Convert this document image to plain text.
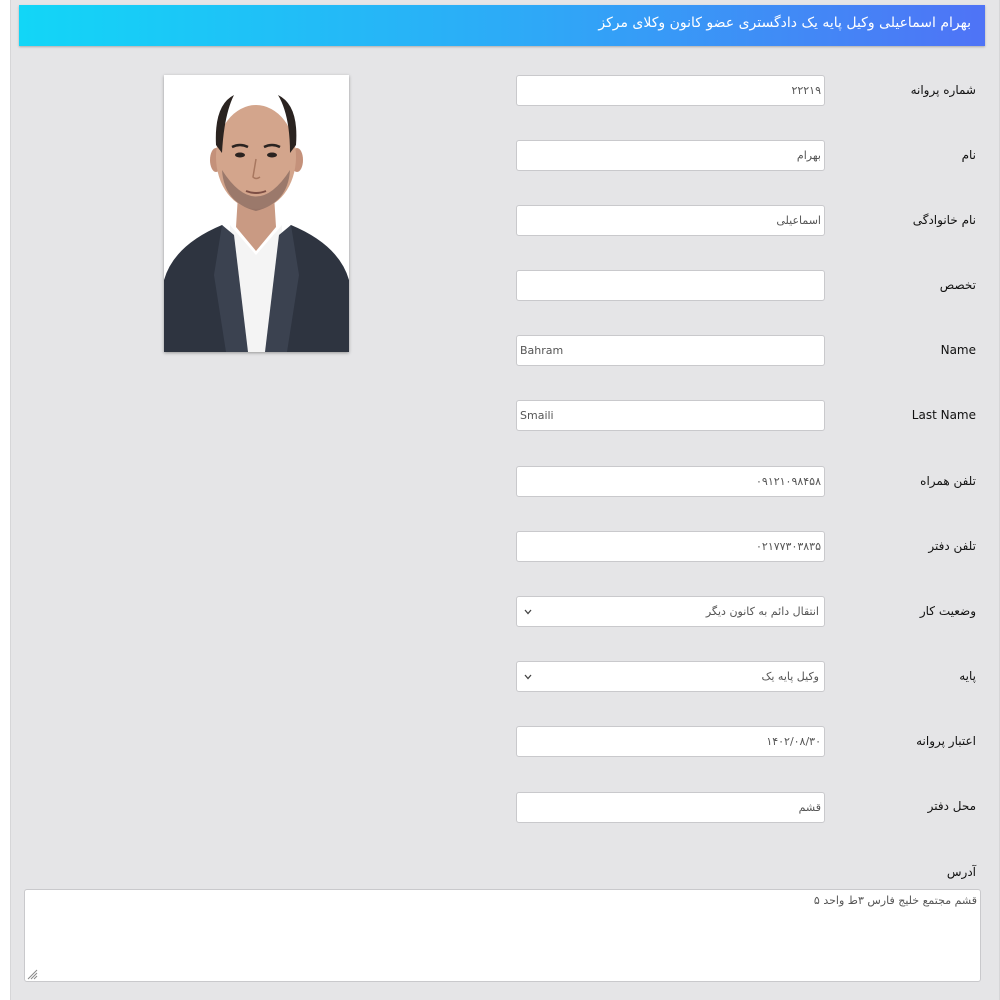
بهرام اسماعیلی وکیل پایه یک دادگستری عضو کانون وکلای مرکز
شماره پروانه
۲۲۲۱۹
نام
بهرام
نام خانوادگی
اسماعیلی
تخصص
Name
Bahram
Last Name
Smaili
تلفن همراه
۰۹۱۲۱۰۹۸۴۵۸
تلفن دفتر
۰۲۱۷۷۳۰۳۸۳۵
وضعیت کار
انتقال دائم به کانون دیگر
پایه
وکیل پایه یک
اعتبار پروانه
۱۴۰۲/۰۸/۳۰
محل دفتر
قشم
آدرس
قشم مجتمع خلیج فارس ۳ط واحد ۵
